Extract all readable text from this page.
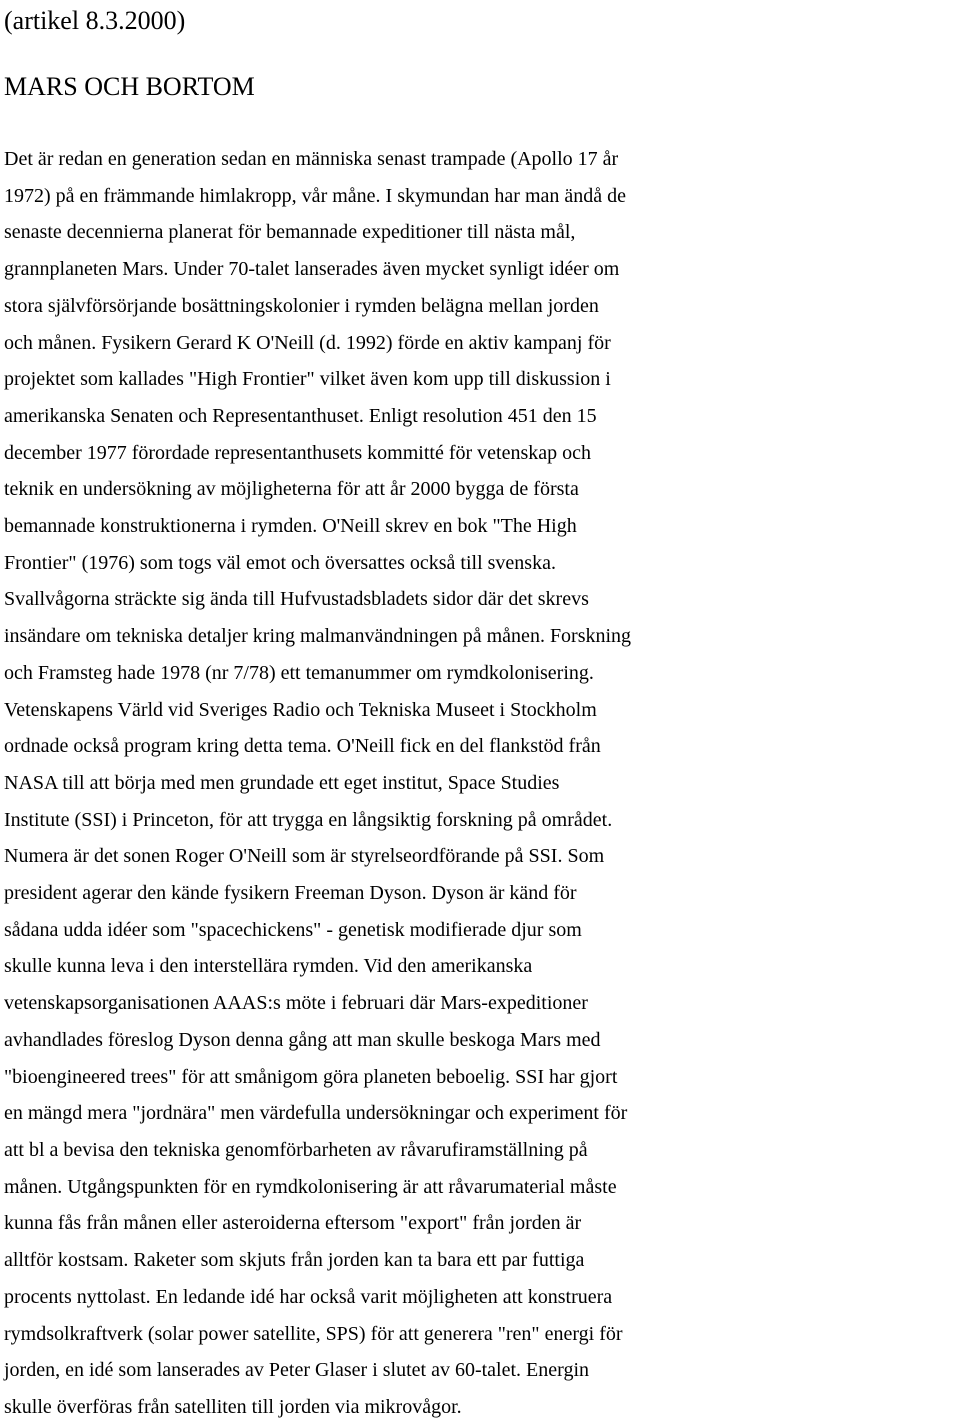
(artikel 8.3.2000)
MARS OCH BORTOM
Det är redan en generation sedan en människa senast trampade (Apollo 17 år
1972) på en främmande himlakropp, vår måne. I skymundan har man ändå de
senaste decennierna planerat för bemannade expeditioner till nästa mål,
grannplaneten Mars. Under 70-talet lanserades även mycket synligt idéer om
stora självförsörjande bosättningskolonier i rymden belägna mellan jorden
och månen. Fysikern Gerard K O'Neill (d. 1992) förde en aktiv kampanj för
projektet som kallades "High Frontier" vilket även kom upp till diskussion i
amerikanska Senaten och Representanthuset. Enligt resolution 451 den 15
december 1977 förordade representanthusets kommitté för vetenskap och
teknik en undersökning av möjligheterna för att år 2000 bygga de första
bemannade konstruktionerna i rymden. O'Neill skrev en bok "The High
Frontier" (1976) som togs väl emot och översattes också till svenska.
Svallvågorna sträckte sig ända till Hufvustadsbladets sidor där det skrevs
insändare om tekniska detaljer kring malmanvändningen på månen. Forskning
och Framsteg hade 1978 (nr 7/78) ett temanummer om rymdkolonisering.
Vetenskapens Värld vid Sveriges Radio och Tekniska Museet i Stockholm
ordnade också program kring detta tema. O'Neill fick en del flankstöd från
NASA till att börja med men grundade ett eget institut, Space Studies
Institute (SSI) i Princeton, för att trygga en långsiktig forskning på området.
Numera är det sonen Roger O'Neill som är styrelseordförande på SSI. Som
president agerar den kände fysikern Freeman Dyson. Dyson är känd för
sådana udda idéer som "spacechickens" - genetisk modifierade djur som
skulle kunna leva i den interstellära rymden. Vid den amerikanska
vetenskapsorganisationen AAAS:s möte i februari där Mars-expeditioner
avhandlades föreslog Dyson denna gång att man skulle beskoga Mars med
"bioengineered trees" för att smånigom göra planeten beboelig. SSI har gjort
en mängd mera "jordnära" men värdefulla undersökningar och experiment för
att bl a bevisa den tekniska genomförbarheten av råvarufiramställning på
månen. Utgångspunkten för en rymdkolonisering är att råvarumaterial måste
kunna fås från månen eller asteroiderna eftersom "export" från jorden är
alltför kostsam. Raketer som skjuts från jorden kan ta bara ett par futtiga
procents nyttolast. En ledande idé har också varit möjligheten att konstruera
rymdsolkraftverk (solar power satellite, SPS) för att generera "ren" energi för
jorden, en idé som lanserades av Peter Glaser i slutet av 60-talet. Energin
skulle överföras från satelliten till jorden via mikrovågor.
